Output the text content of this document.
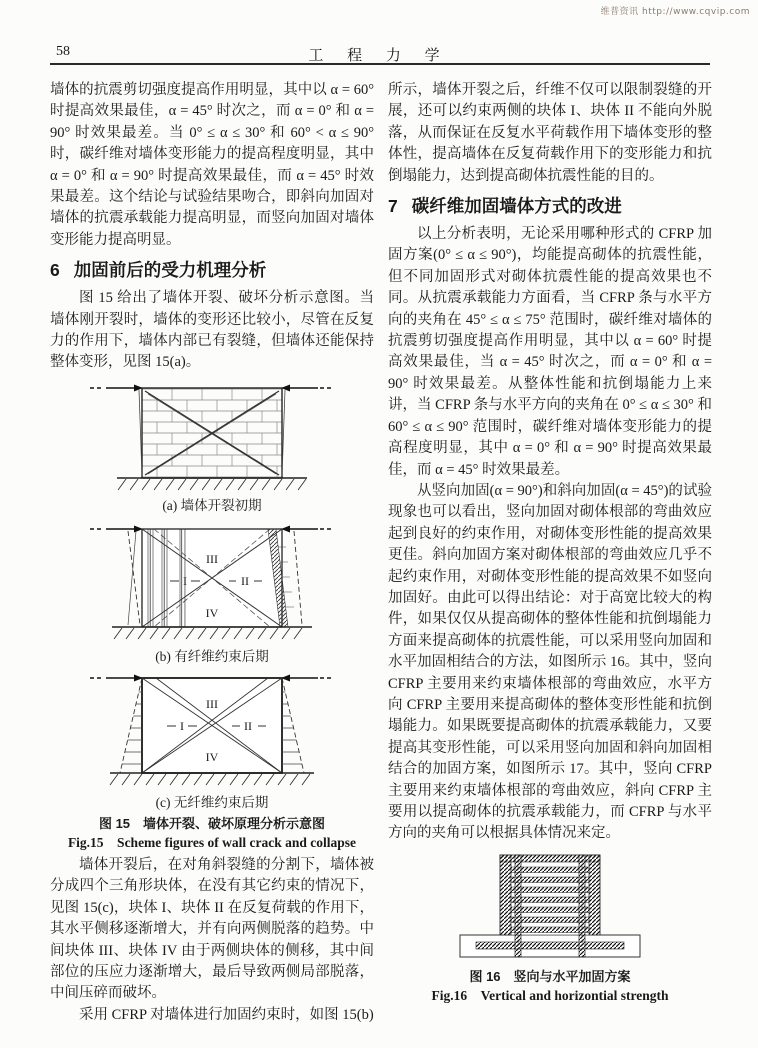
维普资讯 http://www.cqvip.com
58	工 程 力 学

墙体的抗震剪切强度提高作用明显，其中以 α = 60° 时提高效果最佳，α = 45° 时次之，而 α = 0° 和 α = 90° 时效果最差。当 0° ≤ α ≤ 30° 和 60° < α ≤ 90° 时，碳纤维对墙体变形能力的提高程度明显，其中 α = 0° 和 α = 90° 时提高效果最佳，而 α = 45° 时效果最差。这个结论与试验结果吻合，即斜向加固对墙体的抗震承载能力提高明显，而竖向加固对墙体变形能力提高明显。

6 加固前后的受力机理分析

图 15 给出了墙体开裂、破坏分析示意图。当墙体刚开裂时，墙体的变形还比较小，尽管在反复力的作用下，墙体内部已有裂缝，但墙体还能保持整体变形，见图 15(a)。

(a) 墙体开裂初期
III
I	II
IV
(b) 有纤维约束后期
III
I	II
IV
(c) 无纤维约束后期
图 15　墙体开裂、破坏原理分析示意图
Fig.15　Scheme figures of wall crack and collapse

墙体开裂后，在对角斜裂缝的分割下，墙体被分成四个三角形块体，在没有其它约束的情况下，见图 15(c)，块体 I、块体 II 在反复荷载的作用下，其水平侧移逐渐增大，并有向两侧脱落的趋势。中间块体 III、块体 IV 由于两侧块体的侧移，其中间部位的压应力逐渐增大，最后导致两侧局部脱落，中间压碎而破坏。

采用 CFRP 对墙体进行加固约束时，如图 15(b)

所示，墙体开裂之后，纤维不仅可以限制裂缝的开展，还可以约束两侧的块体 I、块体 II 不能向外脱落，从而保证在反复水平荷载作用下墙体变形的整体性，提高墙体在反复荷载作用下的变形能力和抗倒塌能力，达到提高砌体抗震性能的目的。

7 碳纤维加固墙体方式的改进

以上分析表明，无论采用哪种形式的 CFRP 加固方案(0° ≤ α ≤ 90°)，均能提高砌体的抗震性能，但不同加固形式对砌体抗震性能的提高效果也不同。从抗震承载能力方面看，当 CFRP 条与水平方向的夹角在 45° ≤ α ≤ 75° 范围时，碳纤维对墙体的抗震剪切强度提高作用明显，其中以 α = 60° 时提高效果最佳，当 α = 45° 时次之，而 α = 0° 和 α = 90° 时效果最差。从整体性能和抗倒塌能力上来讲，当 CFRP 条与水平方向的夹角在 0° ≤ α ≤ 30° 和 60° ≤ α ≤ 90° 范围时，碳纤维对墙体变形能力的提高程度明显，其中 α = 0° 和 α = 90° 时提高效果最佳，而 α = 45° 时效果最差。

从竖向加固(α = 90°)和斜向加固(α = 45°)的试验现象也可以看出，竖向加固对砌体根部的弯曲效应起到良好的约束作用，对砌体变形性能的提高效果更佳。斜向加固方案对砌体根部的弯曲效应几乎不起约束作用，对砌体变形性能的提高效果不如竖向加固好。由此可以得出结论：对于高宽比较大的构件，如果仅仅从提高砌体的整体性能和抗倒塌能力方面来提高砌体的抗震性能，可以采用竖向加固和水平加固相结合的方法，如图所示 16。其中，竖向 CFRP 主要用来约束墙体根部的弯曲效应，水平方向 CFRP 主要用来提高砌体的整体变形性能和抗倒塌能力。如果既要提高砌体的抗震承载能力，又要提高其变形性能，可以采用竖向加固和斜向加固相结合的加固方案，如图所示 17。其中，竖向 CFRP 主要用来约束墙体根部的弯曲效应，斜向 CFRP 主要用以提高砌体的抗震承载能力，而 CFRP 与水平方向的夹角可以根据具体情况来定。

图 16　竖向与水平加固方案
Fig.16　Vertical and horizontial strength
